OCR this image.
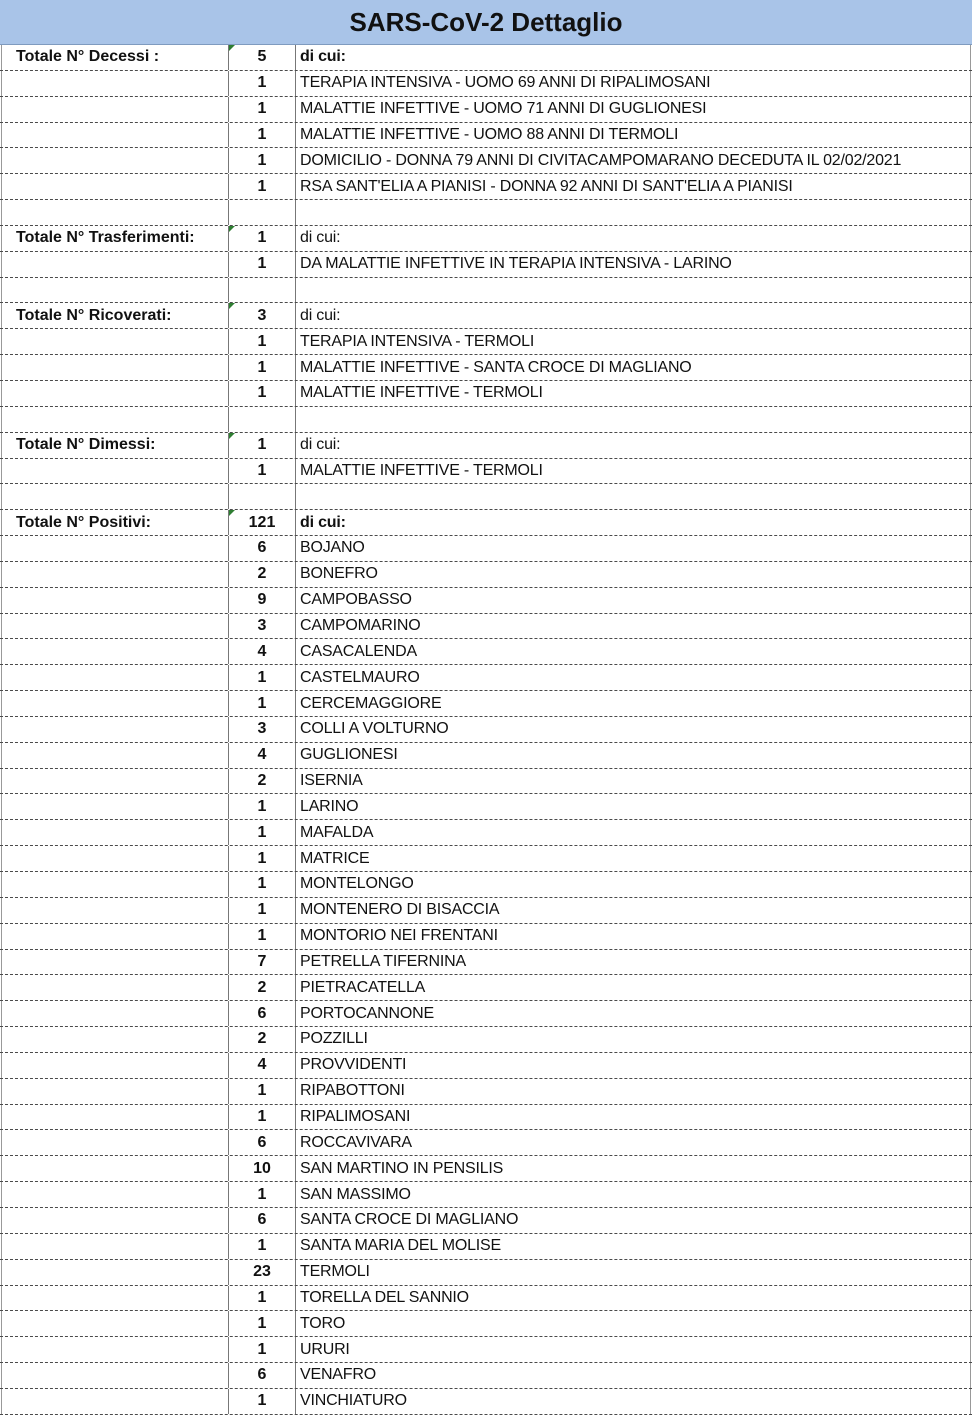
SARS-CoV-2 Dettaglio
Totale N° Decessi :	5	di cui:
1	TERAPIA INTENSIVA - UOMO 69 ANNI DI RIPALIMOSANI
1	MALATTIE INFETTIVE - UOMO 71 ANNI DI GUGLIONESI
1	MALATTIE INFETTIVE - UOMO 88 ANNI DI TERMOLI
1	DOMICILIO - DONNA 79 ANNI DI CIVITACAMPOMARANO DECEDUTA IL 02/02/2021
1	RSA SANT'ELIA A PIANISI - DONNA 92 ANNI DI SANT'ELIA A PIANISI
Totale N° Trasferimenti:	1	di cui:
1	DA MALATTIE INFETTIVE IN TERAPIA INTENSIVA - LARINO
Totale N° Ricoverati:	3	di cui:
1	TERAPIA INTENSIVA - TERMOLI
1	MALATTIE INFETTIVE - SANTA CROCE DI MAGLIANO
1	MALATTIE INFETTIVE - TERMOLI
Totale N° Dimessi:	1	di cui:
1	MALATTIE INFETTIVE - TERMOLI
Totale N° Positivi:	121	di cui:
6	BOJANO
2	BONEFRO
9	CAMPOBASSO
3	CAMPOMARINO
4	CASACALENDA
1	CASTELMAURO
1	CERCEMAGGIORE
3	COLLI A VOLTURNO
4	GUGLIONESI
2	ISERNIA
1	LARINO
1	MAFALDA
1	MATRICE
1	MONTELONGO
1	MONTENERO DI BISACCIA
1	MONTORIO NEI FRENTANI
7	PETRELLA TIFERNINA
2	PIETRACATELLA
6	PORTOCANNONE
2	POZZILLI
4	PROVVIDENTI
1	RIPABOTTONI
1	RIPALIMOSANI
6	ROCCAVIVARA
10	SAN MARTINO IN PENSILIS
1	SAN MASSIMO
6	SANTA CROCE DI MAGLIANO
1	SANTA MARIA DEL MOLISE
23	TERMOLI
1	TORELLA DEL SANNIO
1	TORO
1	URURI
6	VENAFRO
1	VINCHIATURO
